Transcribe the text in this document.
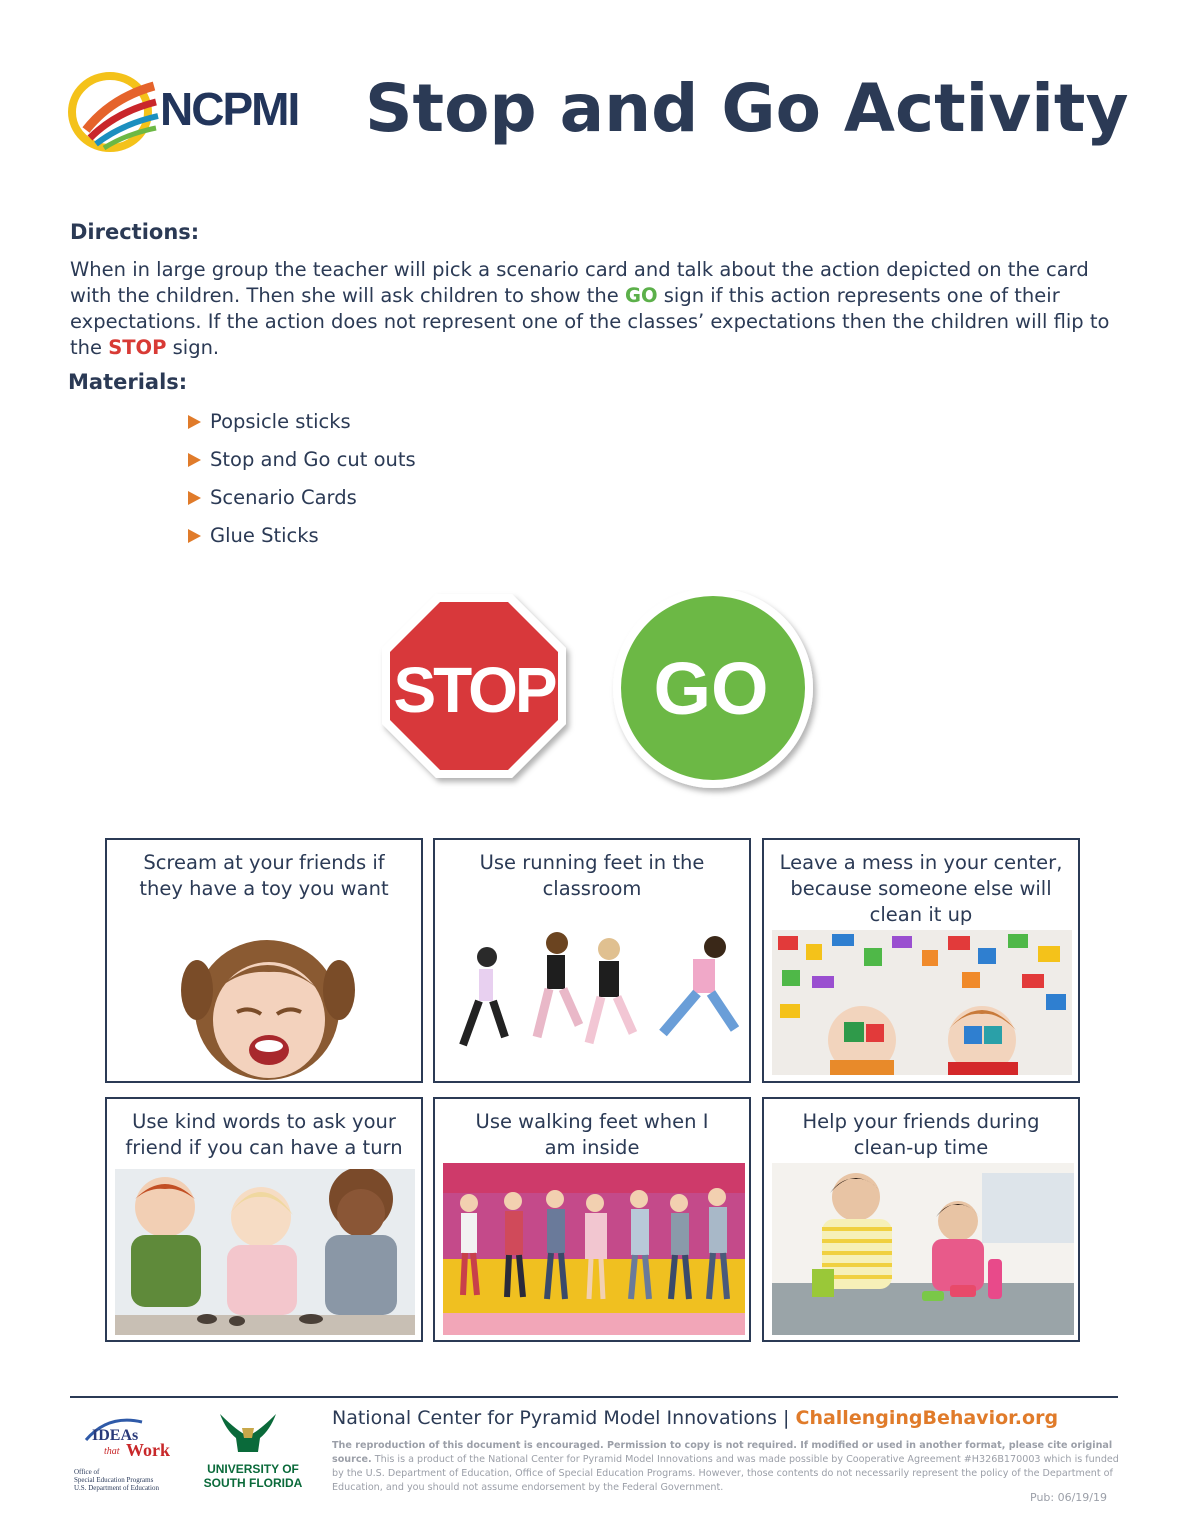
NCPMI Stop and Go Activity
Directions:
When in large group the teacher will pick a scenario card and talk about the action depicted on the card with the children. Then she will ask children to show the GO sign if this action represents one of their expectations. If the action does not represent one of the classes’ expectations then the children will flip to the STOP sign.
Materials:
Popsicle sticks
Stop and Go cut outs
Scenario Cards
Glue Sticks
STOP GO
Scream at your friends if they have a toy you want
Use running feet in the classroom
Leave a mess in your center, because someone else will clean it up
Use kind words to ask your friend if you can have a turn
Use walking feet when I am inside
Help your friends during clean-up time
IDEAs
that Work
Office of
Special Education Programs
U.S. Department of Education
UNIVERSITY OF
SOUTH FLORIDA
National Center for Pyramid Model Innovations | ChallengingBehavior.org
The reproduction of this document is encouraged. Permission to copy is not required. If modified or used in another format, please cite original source. This is a product of the National Center for Pyramid Model Innovations and was made possible by Cooperative Agreement #H326B170003 which is funded by the U.S. Department of Education, Office of Special Education Programs. However, those contents do not necessarily represent the policy of the Department of Education, and you should not assume endorsement by the Federal Government.
Pub: 06/19/19
